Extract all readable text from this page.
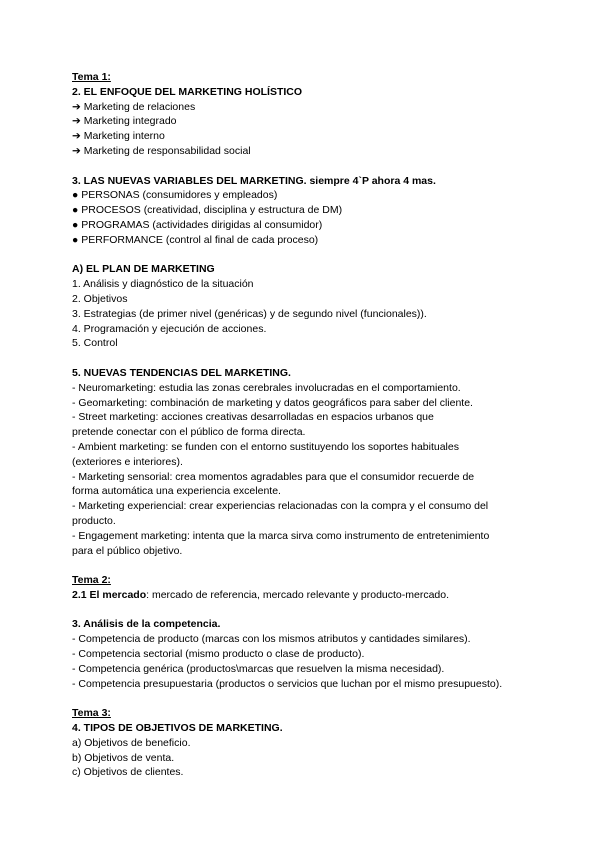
Tema 1:
2. EL ENFOQUE DEL MARKETING HOLÍSTICO
➔ Marketing de relaciones
➔ Marketing integrado
➔ Marketing interno
➔ Marketing de responsabilidad social
3. LAS NUEVAS VARIABLES DEL MARKETING. siempre 4`P ahora 4 mas.
● PERSONAS (consumidores y empleados)
● PROCESOS (creatividad, disciplina y estructura de DM)
● PROGRAMAS (actividades dirigidas al consumidor)
● PERFORMANCE (control al final de cada proceso)
A) EL PLAN DE MARKETING
1. Análisis y diagnóstico de la situación
2. Objetivos
3. Estrategias (de primer nivel (genéricas) y de segundo nivel (funcionales)).
4. Programación y ejecución de acciones.
5. Control
5. NUEVAS TENDENCIAS DEL MARKETING.
- Neuromarketing: estudia las zonas cerebrales involucradas en el comportamiento.
- Geomarketing: combinación de marketing y datos geográficos para saber del cliente.
- Street marketing: acciones creativas desarrolladas en espacios urbanos que
pretende conectar con el público de forma directa.
- Ambient marketing: se funden con el entorno sustituyendo los soportes habituales
(exteriores e interiores).
- Marketing sensorial: crea momentos agradables para que el consumidor recuerde de
forma automática una experiencia excelente.
- Marketing experiencial: crear experiencias relacionadas con la compra y el consumo del
producto.
- Engagement marketing: intenta que la marca sirva como instrumento de entretenimiento
para el público objetivo.
Tema 2:
2.1 El mercado: mercado de referencia, mercado relevante y producto-mercado.
3. Análisis de la competencia.
- Competencia de producto (marcas con los mismos atributos y cantidades similares).
- Competencia sectorial (mismo producto o clase de producto).
- Competencia genérica (productos\marcas que resuelven la misma necesidad).
- Competencia presupuestaria (productos o servicios que luchan por el mismo presupuesto).
Tema 3:
4. TIPOS DE OBJETIVOS DE MARKETING.
a) Objetivos de beneficio.
b) Objetivos de venta.
c) Objetivos de clientes.
